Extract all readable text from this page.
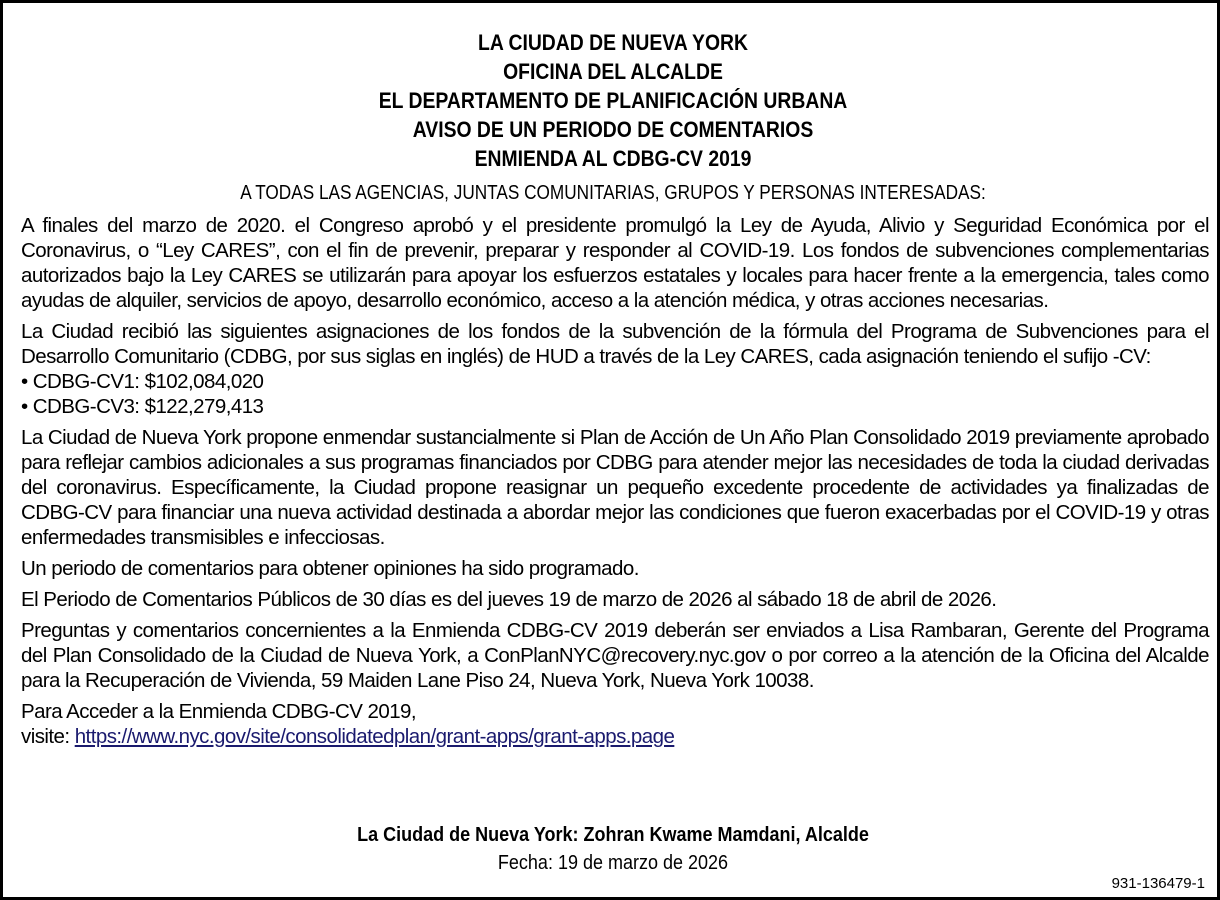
LA CIUDAD DE NUEVA YORK
OFICINA DEL ALCALDE
EL DEPARTAMENTO DE PLANIFICACIÓN URBANA
AVISO DE UN PERIODO DE COMENTARIOS
ENMIENDA AL CDBG-CV 2019
A TODAS LAS AGENCIAS, JUNTAS COMUNITARIAS, GRUPOS Y PERSONAS INTERESADAS:

A finales del marzo de 2020. el Congreso aprobó y el presidente promulgó la Ley de Ayuda, Alivio y Seguridad Económica por el Coronavirus, o “Ley CARES”, con el fin de prevenir, preparar y responder al COVID-19. Los fondos de subvenciones complementarias autorizados bajo la Ley CARES se utilizarán para apoyar los esfuerzos estatales y locales para hacer frente a la emergencia, tales como ayudas de alquiler, servicios de apoyo, desarrollo económico, acceso a la atención médica, y otras acciones necesarias.

La Ciudad recibió las siguientes asignaciones de los fondos de la subvención de la fórmula del Programa de Subvenciones para el Desarrollo Comunitario (CDBG, por sus siglas en inglés) de HUD a través de la Ley CARES, cada asignación teniendo el sufijo -CV:
• CDBG-CV1: $102,084,020
• CDBG-CV3: $122,279,413

La Ciudad de Nueva York propone enmendar sustancialmente si Plan de Acción de Un Año Plan Consolidado 2019 previamente aprobado para reflejar cambios adicionales a sus programas financiados por CDBG para atender mejor las necesidades de toda la ciudad derivadas del coronavirus. Específicamente, la Ciudad propone reasignar un pequeño excedente procedente de actividades ya finalizadas de CDBG-CV para financiar una nueva actividad destinada a abordar mejor las condiciones que fueron exacerbadas por el COVID-19 y otras enfermedades transmisibles e infecciosas.

Un periodo de comentarios para obtener opiniones ha sido programado.

El Periodo de Comentarios Públicos de 30 días es del jueves 19 de marzo de 2026 al sábado 18 de abril de 2026.

Preguntas y comentarios concernientes a la Enmienda CDBG-CV 2019 deberán ser enviados a Lisa Rambaran, Gerente del Programa del Plan Consolidado de la Ciudad de Nueva York, a ConPlanNYC@recovery.nyc.gov o por correo a la atención de la Oficina del Alcalde para la Recuperación de Vivienda, 59 Maiden Lane Piso 24, Nueva York, Nueva York 10038.

Para Acceder a la Enmienda CDBG-CV 2019,
visite: https://www.nyc.gov/site/consolidatedplan/grant-apps/grant-apps.page

La Ciudad de Nueva York: Zohran Kwame Mamdani, Alcalde
Fecha: 19 de marzo de 2026
931-136479-1
